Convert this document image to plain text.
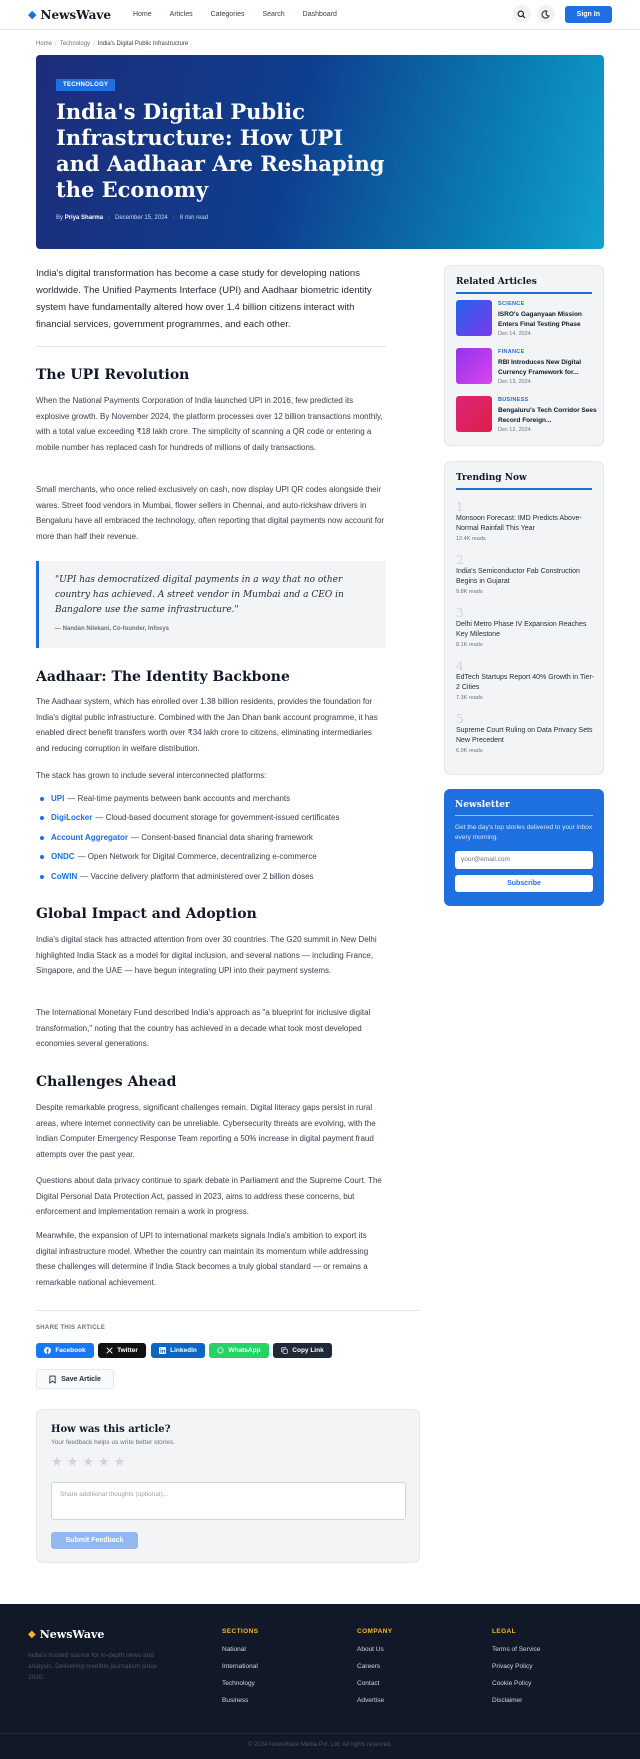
◆ NewsWave	Home	Articles	Categories	Search	Dashboard	Sign In
Home / Technology / India's Digital Public Infrastructure
TECHNOLOGY
India's Digital Public Infrastructure: How UPI and Aadhaar Are Reshaping the Economy
By Priya Sharma · December 15, 2024 · 8 min read
India's digital transformation has become a case study for developing nations worldwide. The Unified Payments Interface (UPI) and Aadhaar biometric identity system have fundamentally altered how over 1.4 billion citizens interact with financial services, government programmes, and each other.
The UPI Revolution
When the National Payments Corporation of India launched UPI in 2016, few predicted its explosive growth. By November 2024, the platform processes over 12 billion transactions monthly, with a total value exceeding ₹18 lakh crore. The simplicity of scanning a QR code or entering a mobile number has replaced cash for hundreds of millions of daily transactions.
Small merchants, who once relied exclusively on cash, now display UPI QR codes alongside their wares. Street food vendors in Mumbai, flower sellers in Chennai, and auto-rickshaw drivers in Bengaluru have all embraced the technology, often reporting that digital payments now account for more than half their revenue.
"UPI has democratized digital payments in a way that no other country has achieved. A street vendor in Mumbai and a CEO in Bangalore use the same infrastructure."
— Nandan Nilekani, Co-founder, Infosys
Aadhaar: The Identity Backbone
The Aadhaar system, which has enrolled over 1.38 billion residents, provides the foundation for India's digital public infrastructure. Combined with the Jan Dhan bank account programme, it has enabled direct benefit transfers worth over ₹34 lakh crore to citizens, eliminating intermediaries and reducing corruption in welfare distribution.
The stack has grown to include several interconnected platforms:
UPI — Real-time payments between bank accounts and merchants
DigiLocker — Cloud-based document storage for government-issued certificates
Account Aggregator — Consent-based financial data sharing framework
ONDC — Open Network for Digital Commerce, decentralizing e-commerce
CoWIN — Vaccine delivery platform that administered over 2 billion doses
Global Impact and Adoption
India's digital stack has attracted attention from over 30 countries. The G20 summit in New Delhi highlighted India Stack as a model for digital inclusion, and several nations — including France, Singapore, and the UAE — have begun integrating UPI into their payment systems.
The International Monetary Fund described India's approach as "a blueprint for inclusive digital transformation," noting that the country has achieved in a decade what took most developed economies several generations.
Challenges Ahead
Despite remarkable progress, significant challenges remain. Digital literacy gaps persist in rural areas, where internet connectivity can be unreliable. Cybersecurity threats are evolving, with the Indian Computer Emergency Response Team reporting a 50% increase in digital payment fraud attempts over the past year.
Questions about data privacy continue to spark debate in Parliament and the Supreme Court. The Digital Personal Data Protection Act, passed in 2023, aims to address these concerns, but enforcement and implementation remain a work in progress.
Meanwhile, the expansion of UPI to international markets signals India's ambition to export its digital infrastructure model. Whether the country can maintain its momentum while addressing these challenges will determine if India Stack becomes a truly global standard — or remains a remarkable national achievement.
SHARE THIS ARTICLE
Facebook	Twitter	LinkedIn	WhatsApp	Copy Link
Save Article
How was this article?
Your feedback helps us write better stories.
★ ★ ★ ★ ★
Share additional thoughts (optional)...
Submit Feedback
Related Articles
SCIENCE
ISRO's Gaganyaan Mission Enters Final Testing Phase
Dec 14, 2024
FINANCE
RBI Introduces New Digital Currency Framework for...
Dec 13, 2024
BUSINESS
Bengaluru's Tech Corridor Sees Record Foreign...
Dec 12, 2024
Trending Now
1
Monsoon Forecast: IMD Predicts Above-Normal Rainfall This Year
12.4K reads
2
India's Semiconductor Fab Construction Begins in Gujarat
9.8K reads
3
Delhi Metro Phase IV Expansion Reaches Key Milestone
8.1K reads
4
EdTech Startups Report 40% Growth in Tier-2 Cities
7.3K reads
5
Supreme Court Ruling on Data Privacy Sets New Precedent
6.9K reads
Newsletter
Get the day's top stories delivered to your inbox every morning.
your@email.com
Subscribe
◆ NewsWave
India's trusted source for in-depth news and analysis. Delivering credible journalism since 2020.
SECTIONS
National
International
Technology
Business
COMPANY
About Us
Careers
Contact
Advertise
LEGAL
Terms of Service
Privacy Policy
Cookie Policy
Disclaimer
© 2024 NewsWave Media Pvt. Ltd. All rights reserved.
